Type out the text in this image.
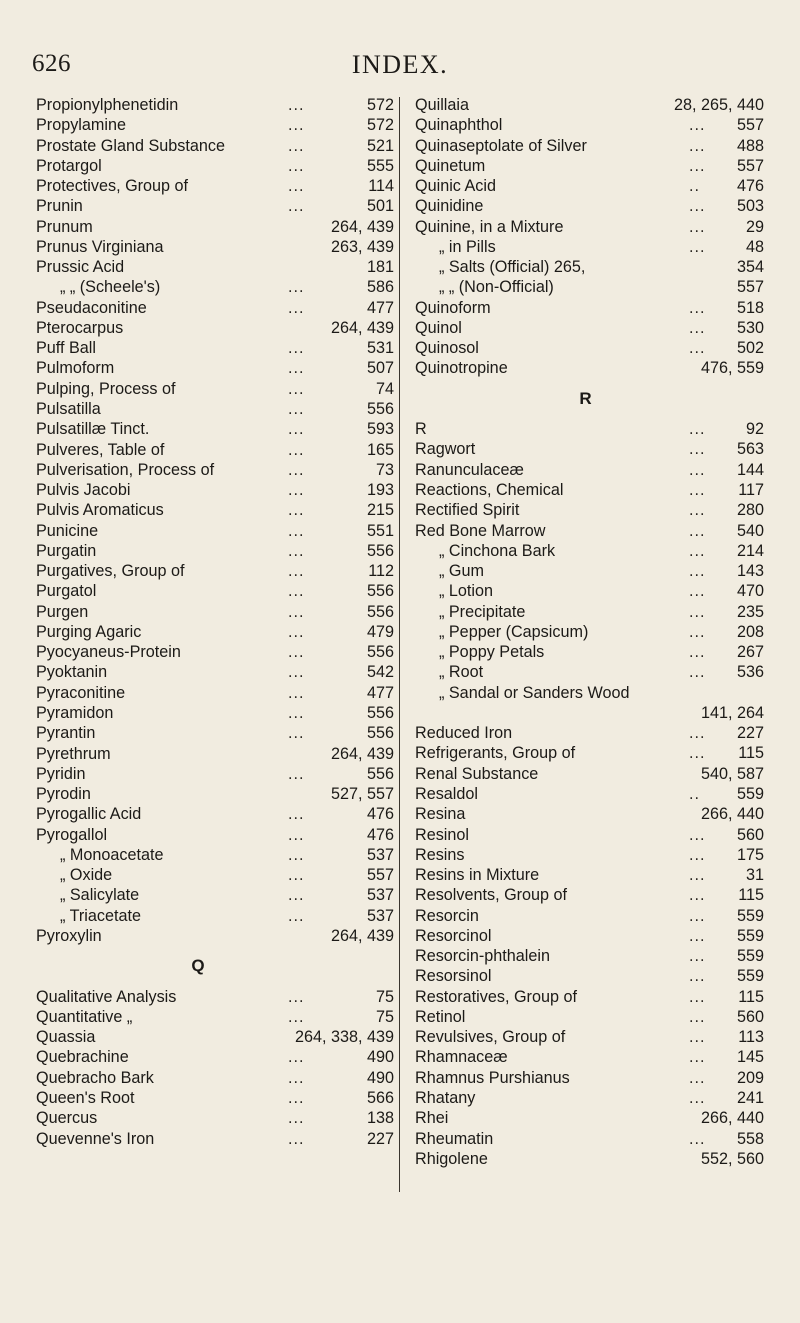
626	INDEX.
Propionylphenetidin	...	572
Propylamine	...	572
Prostate Gland Substance	...	521
Protargol	...	555
Protectives, Group of	...	114
Prunin	...	501
Prunum	264, 439
Prunus Virginiana	263, 439
Prussic Acid	181
„ „ (Scheele's)	...	586
Pseudaconitine	...	477
Pterocarpus	264, 439
Puff Ball	...	531
Pulmoform	...	507
Pulping, Process of	...	74
Pulsatilla	...	556
Pulsatillæ Tinct.	...	593
Pulveres, Table of	...	165
Pulverisation, Process of	...	73
Pulvis Jacobi	...	193
Pulvis Aromaticus	...	215
Punicine	...	551
Purgatin	...	556
Purgatives, Group of	...	112
Purgatol	...	556
Purgen	...	556
Purging Agaric	...	479
Pyocyaneus-Protein	...	556
Pyoktanin	...	542
Pyraconitine	...	477
Pyramidon	...	556
Pyrantin	...	556
Pyrethrum	264, 439
Pyridin	...	556
Pyrodin	527, 557
Pyrogallic Acid	...	476
Pyrogallol	...	476
„ Monoacetate	...	537
„ Oxide	...	557
„ Salicylate	...	537
„ Triacetate	...	537
Pyroxylin	264, 439
Q
Qualitative Analysis	...	75
Quantitative „	...	75
Quassia	264, 338, 439
Quebrachine	...	490
Quebracho Bark	...	490
Queen's Root	...	566
Quercus	...	138
Quevenne's Iron	...	227
Quillaia	28, 265, 440
Quinaphthol	... 557
Quinaseptolate of Silver	... 488
Quinetum	... 557
Quinic Acid	.. 476
Quinidine	... 503
Quinine, in a Mixture	... 29
„ in Pills	... 48
„ Salts (Official) 265,	354
„ „ (Non-Official)	557
Quinoform	... 518
Quinol	... 530
Quinosol	... 502
Quinotropine	476, 559
R
R	... 92
Ragwort	... 563
Ranunculaceæ	... 144
Reactions, Chemical	... 117
Rectified Spirit	... 280
Red Bone Marrow	... 540
„ Cinchona Bark	... 214
„ Gum	... 143
„ Lotion	... 470
„ Precipitate	... 235
„ Pepper (Capsicum)	... 208
„ Poppy Petals	... 267
„ Root	... 536
„ Sandal or Sanders Wood
141, 264
Reduced Iron	... 227
Refrigerants, Group of	... 115
Renal Substance	540, 587
Resaldol	.. 559
Resina	266, 440
Resinol	... 560
Resins	... 175
Resins in Mixture	... 31
Resolvents, Group of	... 115
Resorcin	... 559
Resorcinol	... 559
Resorcin-phthalein	... 559
Resorsinol	... 559
Restoratives, Group of	... 115
Retinol	... 560
Revulsives, Group of	... 113
Rhamnaceæ	... 145
Rhamnus Purshianus	... 209
Rhatany	... 241
Rhei	266, 440
Rheumatin	... 558
Rhigolene	552, 560
